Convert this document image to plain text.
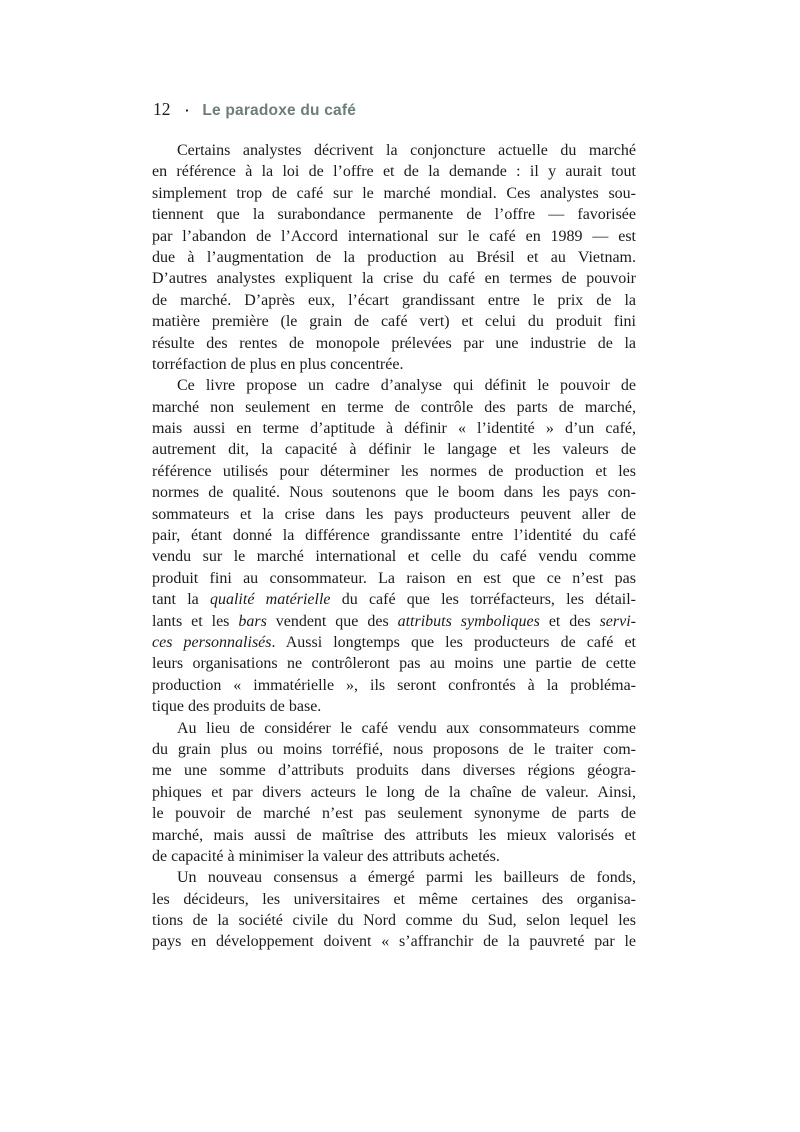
12 ▪ Le paradoxe du café
Certains analystes décrivent la conjoncture actuelle du marché
en référence à la loi de l’offre et de la demande : il y aurait tout
simplement trop de café sur le marché mondial. Ces analystes sou-
tiennent que la surabondance permanente de l’offre — favorisée
par l’abandon de l’Accord international sur le café en 1989 — est
due à l’augmentation de la production au Brésil et au Vietnam.
D’autres analystes expliquent la crise du café en termes de pouvoir
de marché. D’après eux, l’écart grandissant entre le prix de la
matière première (le grain de café vert) et celui du produit fini
résulte des rentes de monopole prélevées par une industrie de la
torréfaction de plus en plus concentrée.
Ce livre propose un cadre d’analyse qui définit le pouvoir de
marché non seulement en terme de contrôle des parts de marché,
mais aussi en terme d’aptitude à définir « l’identité » d’un café,
autrement dit, la capacité à définir le langage et les valeurs de
référence utilisés pour déterminer les normes de production et les
normes de qualité. Nous soutenons que le boom dans les pays con-
sommateurs et la crise dans les pays producteurs peuvent aller de
pair, étant donné la différence grandissante entre l’identité du café
vendu sur le marché international et celle du café vendu comme
produit fini au consommateur. La raison en est que ce n’est pas
tant la qualité matérielle du café que les torréfacteurs, les détail-
lants et les bars vendent que des attributs symboliques et des servi-
ces personnalisés. Aussi longtemps que les producteurs de café et
leurs organisations ne contrôleront pas au moins une partie de cette
production « immatérielle », ils seront confrontés à la probléma-
tique des produits de base.
Au lieu de considérer le café vendu aux consommateurs comme
du grain plus ou moins torréfié, nous proposons de le traiter com-
me une somme d’attributs produits dans diverses régions géogra-
phiques et par divers acteurs le long de la chaîne de valeur. Ainsi,
le pouvoir de marché n’est pas seulement synonyme de parts de
marché, mais aussi de maîtrise des attributs les mieux valorisés et
de capacité à minimiser la valeur des attributs achetés.
Un nouveau consensus a émergé parmi les bailleurs de fonds,
les décideurs, les universitaires et même certaines des organisa-
tions de la société civile du Nord comme du Sud, selon lequel les
pays en développement doivent « s’affranchir de la pauvreté par le
